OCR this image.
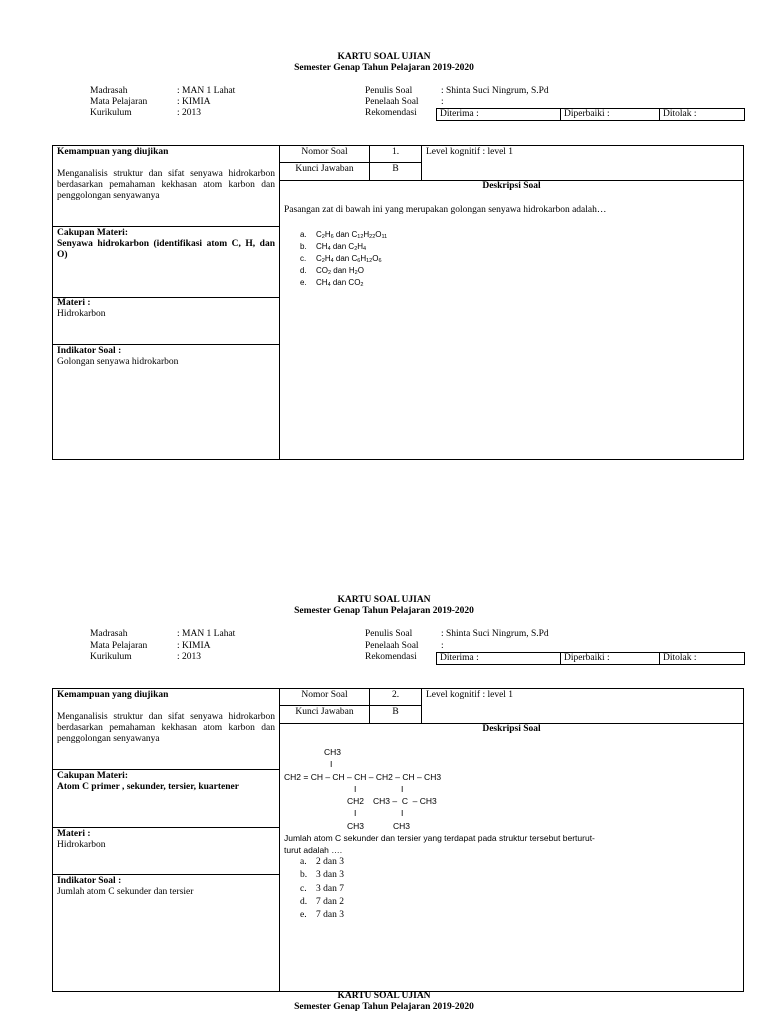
KARTU SOAL UJIAN
Semester Genap Tahun Pelajaran 2019-2020
Madrasah	: MAN 1 Lahat
Mata Pelajaran	: KIMIA
Kurikulum	: 2013
Penulis Soal	: Shinta Suci Ningrum, S.Pd
Penelaah Soal :
Rekomendasi	Diterima :	Diperbaiki :	Ditolak :
Kemampuan yang diujikan
Menganalisis struktur dan sifat senyawa hidrokarbon berdasarkan pemahaman kekhasan atom karbon dan penggolongan senyawanya
Cakupan Materi:
Senyawa hidrokarbon (identifikasi atom C, H, dan O)
Materi :
Hidrokarbon
Indikator Soal :
Golongan senyawa hidrokarbon
Nomor Soal	1.	Level kognitif : level 1
Kunci Jawaban	B
Deskripsi Soal
Pasangan zat di bawah ini yang merupakan golongan senyawa hidrokarbon adalah…
a. $C_2H_6$ dan $C_{12}H_{22}O_{11}$
b. $CH_4$ dan $C_2H_4$
c. $C_2H_4$ dan $C_6H_{12}O_6$
d. $CO_2$ dan $H_2O$
e. $CH_4$ dan $CO_2$
KARTU SOAL UJIAN
Semester Genap Tahun Pelajaran 2019-2020
Madrasah	: MAN 1 Lahat
Mata Pelajaran	: KIMIA
Kurikulum	: 2013
Penulis Soal	: Shinta Suci Ningrum, S.Pd
Penelaah Soal :
Rekomendasi	Diterima :	Diperbaiki :	Ditolak :
Kemampuan yang diujikan
Menganalisis struktur dan sifat senyawa hidrokarbon berdasarkan pemahaman kekhasan atom karbon dan penggolongan senyawanya
Cakupan Materi:
Atom C primer , sekunder, tersier, kuartener
Materi :
Hidrokarbon
Indikator Soal :
Jumlah atom C sekunder dan tersier
Nomor Soal	2.	Level kognitif : level 1
Kunci Jawaban	B
Deskripsi Soal
CH3
I
CH2 = CH – CH – CH – CH2 – CH – CH3
I	I
CH2 CH3 –  C  – CH3
I	I
CH3	CH3
Jumlah atom C sekunder dan tersier yang terdapat pada struktur tersebut berturut-turut adalah ….
a. 2 dan 3
b. 3 dan 3
c. 3 dan 7
d. 7 dan 2
e. 7 dan 3
KARTU SOAL UJIAN
Semester Genap Tahun Pelajaran 2019-2020
